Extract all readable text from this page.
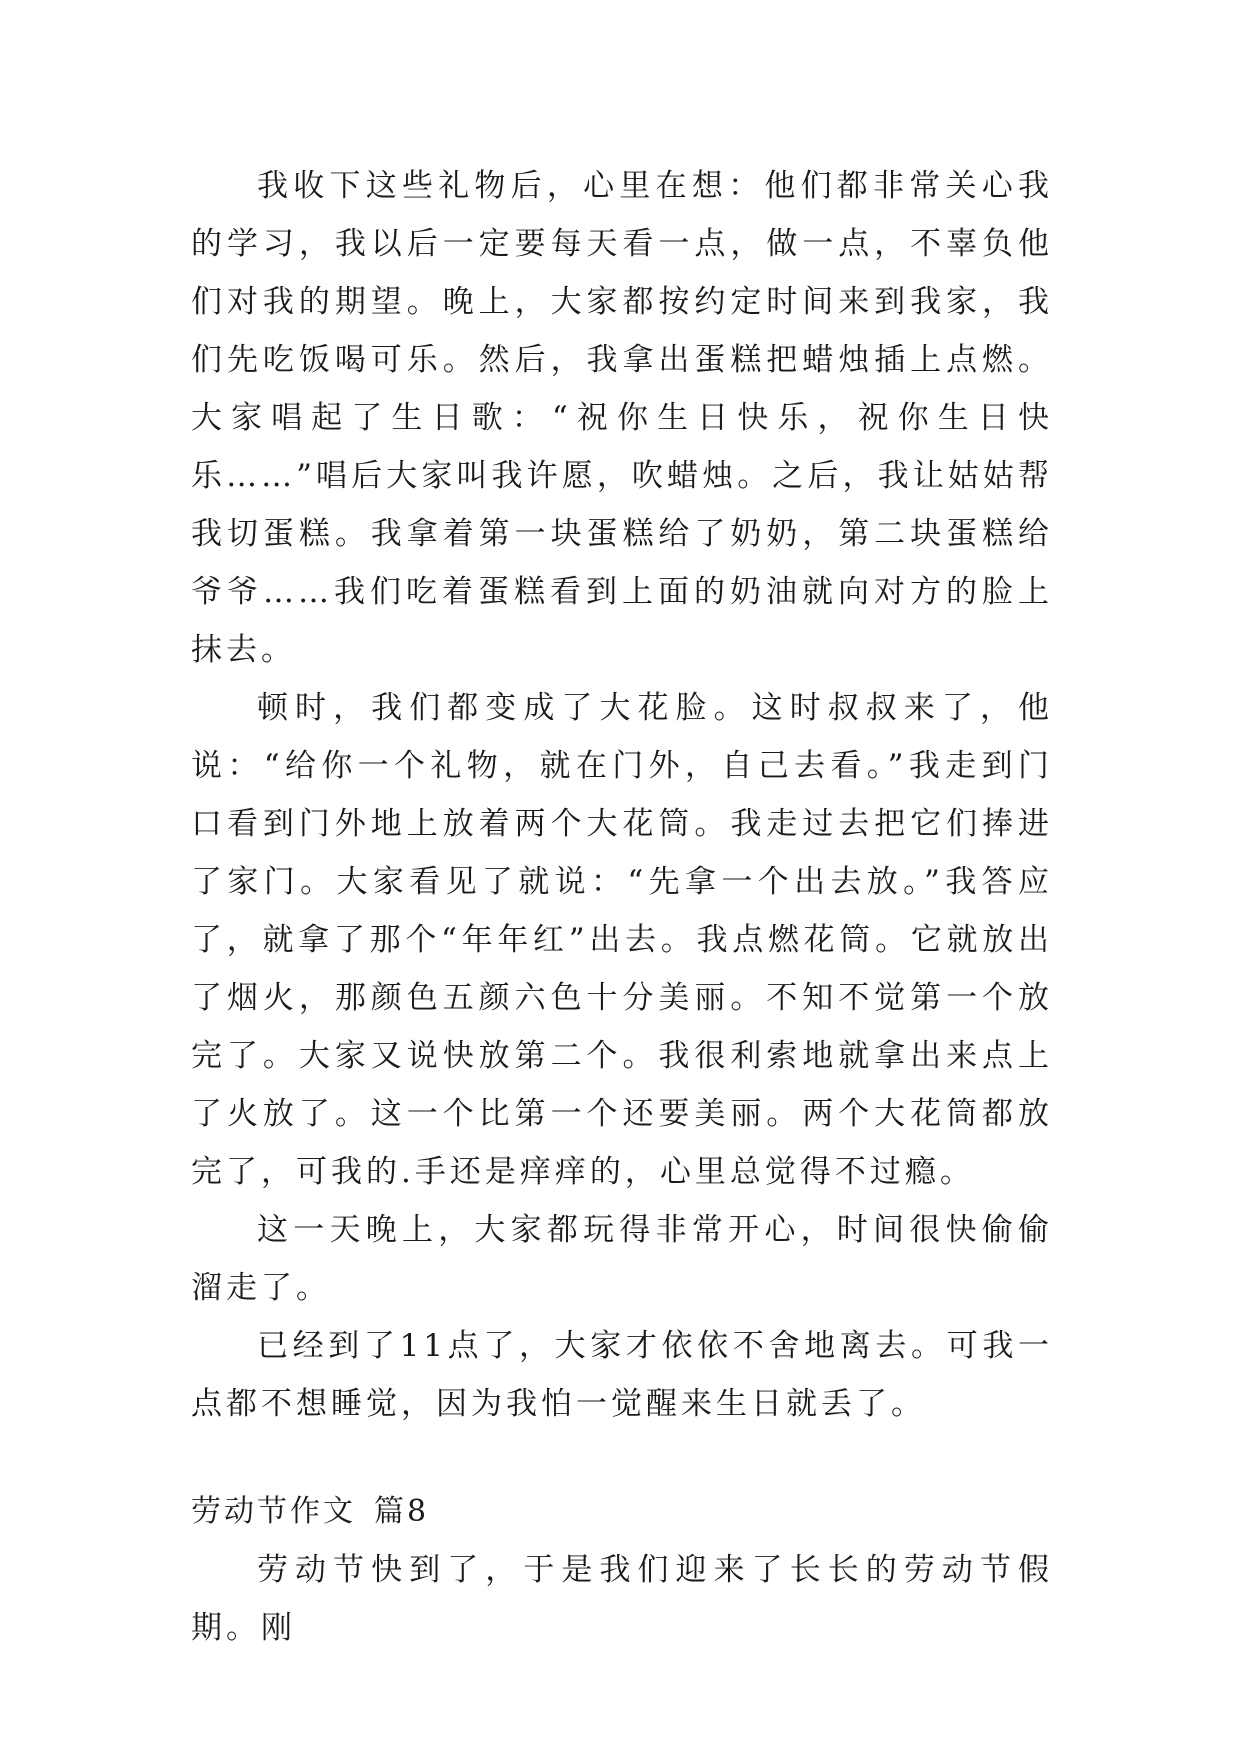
我收下这些礼物后，心里在想：他们都非常关心我的学习，我以后一定要每天看一点，做一点，不辜负他们对我的期望。晚上，大家都按约定时间来到我家，我们先吃饭喝可乐。然后，我拿出蛋糕把蜡烛插上点燃。大家唱起了生日歌：“祝你生日快乐，祝你生日快乐……”唱后大家叫我许愿，吹蜡烛。之后，我让姑姑帮我切蛋糕。我拿着第一块蛋糕给了奶奶，第二块蛋糕给爷爷……我们吃着蛋糕看到上面的奶油就向对方的脸上抹去。

顿时，我们都变成了大花脸。这时叔叔来了，他说：“给你一个礼物，就在门外，自己去看。”我走到门口看到门外地上放着两个大花筒。我走过去把它们捧进了家门。大家看见了就说：“先拿一个出去放。”我答应了，就拿了那个“年年红”出去。我点燃花筒。它就放出了烟火，那颜色五颜六色十分美丽。不知不觉第一个放完了。大家又说快放第二个。我很利索地就拿出来点上了火放了。这一个比第一个还要美丽。两个大花筒都放完了，可我的.手还是痒痒的，心里总觉得不过瘾。

这一天晚上，大家都玩得非常开心，时间很快偷偷溜走了。

已经到了11点了，大家才依依不舍地离去。可我一点都不想睡觉，因为我怕一觉醒来生日就丢了。

劳动节作文 篇8

劳动节快到了，于是我们迎来了长长的劳动节假期。刚
